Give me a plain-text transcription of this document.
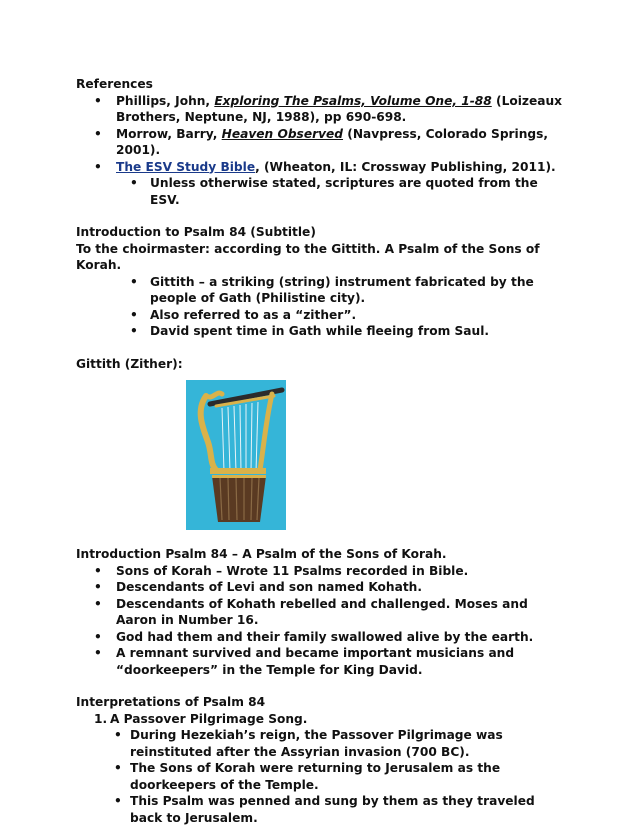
References

• Phillips, John, Exploring The Psalms, Volume One, 1-88 (Loizeaux Brothers, Neptune, NJ, 1988), pp 690-698.
• Morrow, Barry, Heaven Observed (Navpress, Colorado Springs, 2001).
• The ESV Study Bible, (Wheaton, IL: Crossway Publishing, 2011).
• Unless otherwise stated, scriptures are quoted from the ESV.

Introduction to Psalm 84 (Subtitle)

To the choirmaster: according to the Gittith. A Psalm of the Sons of Korah.

• Gittith – a striking (string) instrument fabricated by the people of Gath (Philistine city).
• Also referred to as a “zither”.
• David spent time in Gath while fleeing from Saul.

Gittith (Zither):

Introduction Psalm 84 – A Psalm of the Sons of Korah.

• Sons of Korah – Wrote 11 Psalms recorded in Bible.
• Descendants of Levi and son named Kohath.
• Descendants of Kohath rebelled and challenged. Moses and Aaron in Number 16.
• God had them and their family swallowed alive by the earth.
• A remnant survived and became important musicians and “doorkeepers” in the Temple for King David.

Interpretations of Psalm 84

1. A Passover Pilgrimage Song.
• During Hezekiah’s reign, the Passover Pilgrimage was reinstituted after the Assyrian invasion (700 BC).
• The Sons of Korah were returning to Jerusalem as the doorkeepers of the Temple.
• This Psalm was penned and sung by them as they traveled back to Jerusalem.
